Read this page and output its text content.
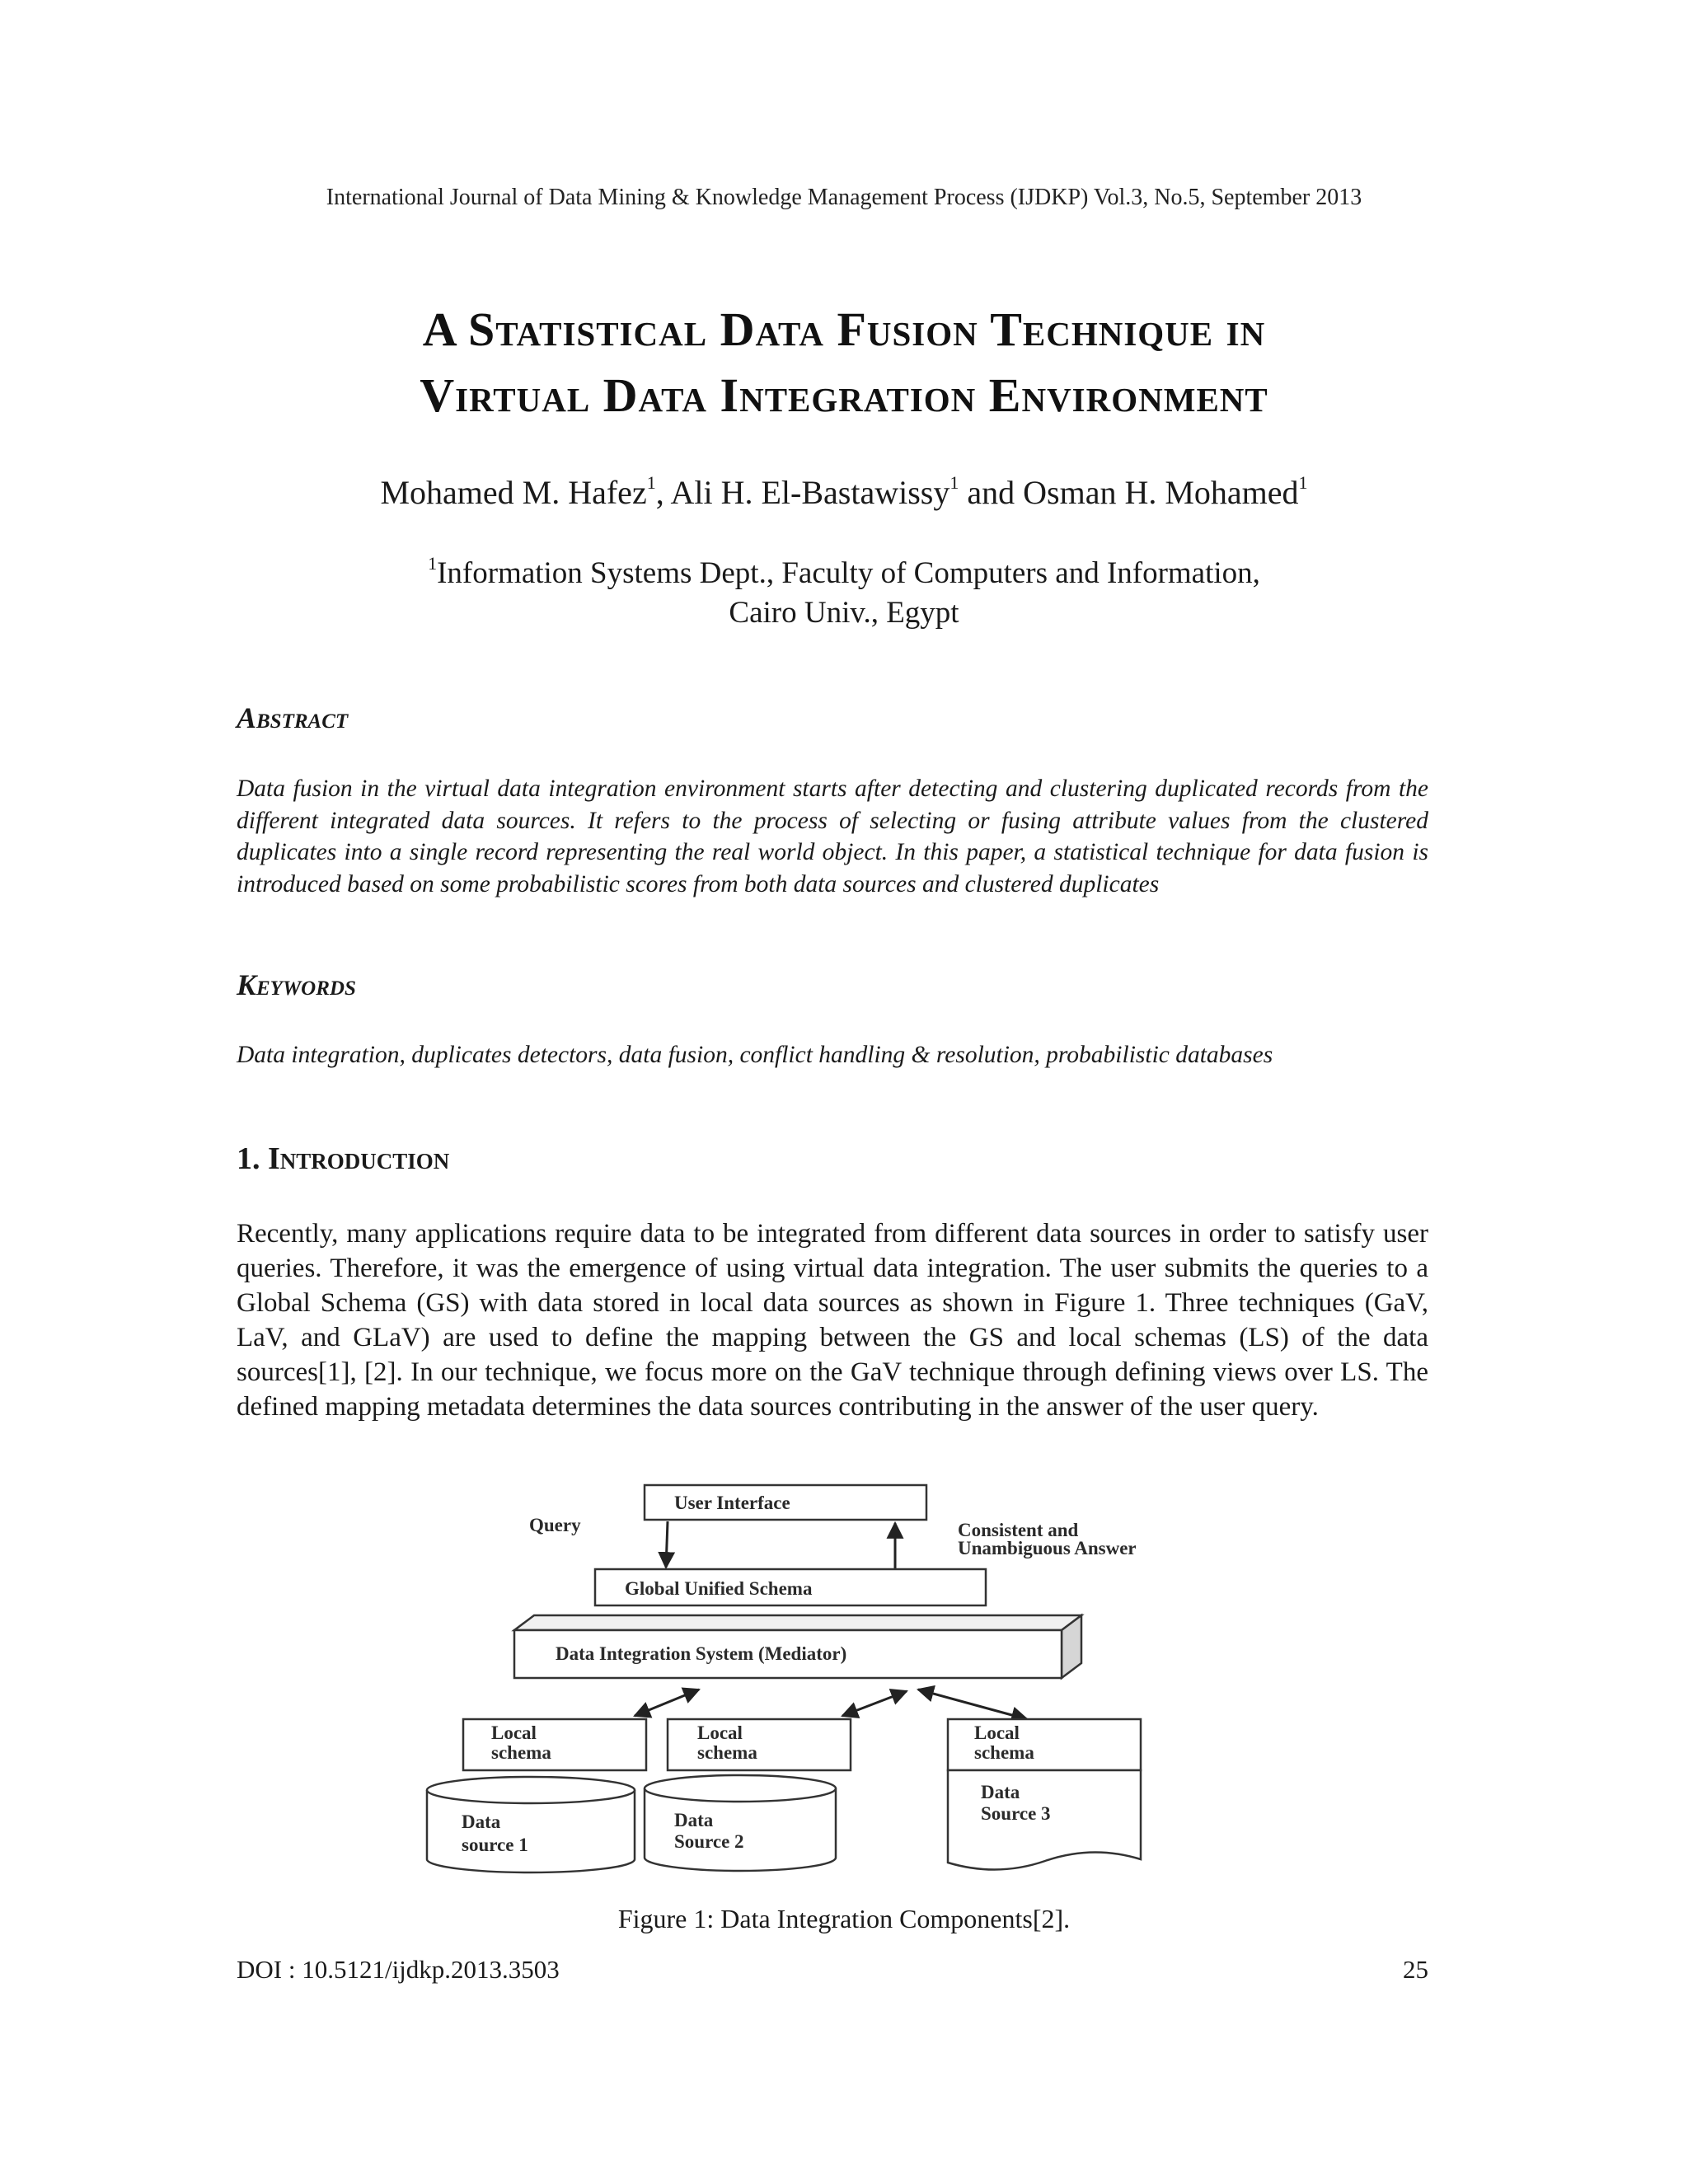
International Journal of Data Mining & Knowledge Management Process (IJDKP) Vol.3, No.5, September 2013
A Statistical Data Fusion Technique in
Virtual Data Integration Environment
Mohamed M. Hafez$^1$, Ali H. El-Bastawissy$^1$ and Osman H. Mohamed$^1$
$^1$Information Systems Dept., Faculty of Computers and Information,
Cairo Univ., Egypt
Abstract
Data fusion in the virtual data integration environment starts after detecting and clustering duplicated records from the different integrated data sources. It refers to the process of selecting or fusing attribute values from the clustered duplicates into a single record representing the real world object. In this paper, a statistical technique for data fusion is introduced based on some probabilistic scores from both data sources and clustered duplicates
Keywords
Data integration, duplicates detectors, data fusion, conflict handling & resolution, probabilistic databases
1. Introduction
Recently, many applications require data to be integrated from different data sources in order to satisfy user queries. Therefore, it was the emergence of using virtual data integration. The user submits the queries to a Global Schema (GS) with data stored in local data sources as shown in Figure 1. Three techniques (GaV, LaV, and GLaV) are used to define the mapping between the GS and local schemas (LS) of the data sources[1], [2]. In our technique, we focus more on the GaV technique through defining views over LS. The defined mapping metadata determines the data sources contributing in the answer of the user query.
User Interface
Query	Consistent and
Unambiguous Answer
Global Unified Schema
Data Integration System (Mediator)
Local
schema
Local
schema
Local
schema
Data
source 1
Data
Source 2
Data
Source 3
Figure 1: Data Integration Components[2].
DOI : 10.5121/ijdkp.2013.3503	25
